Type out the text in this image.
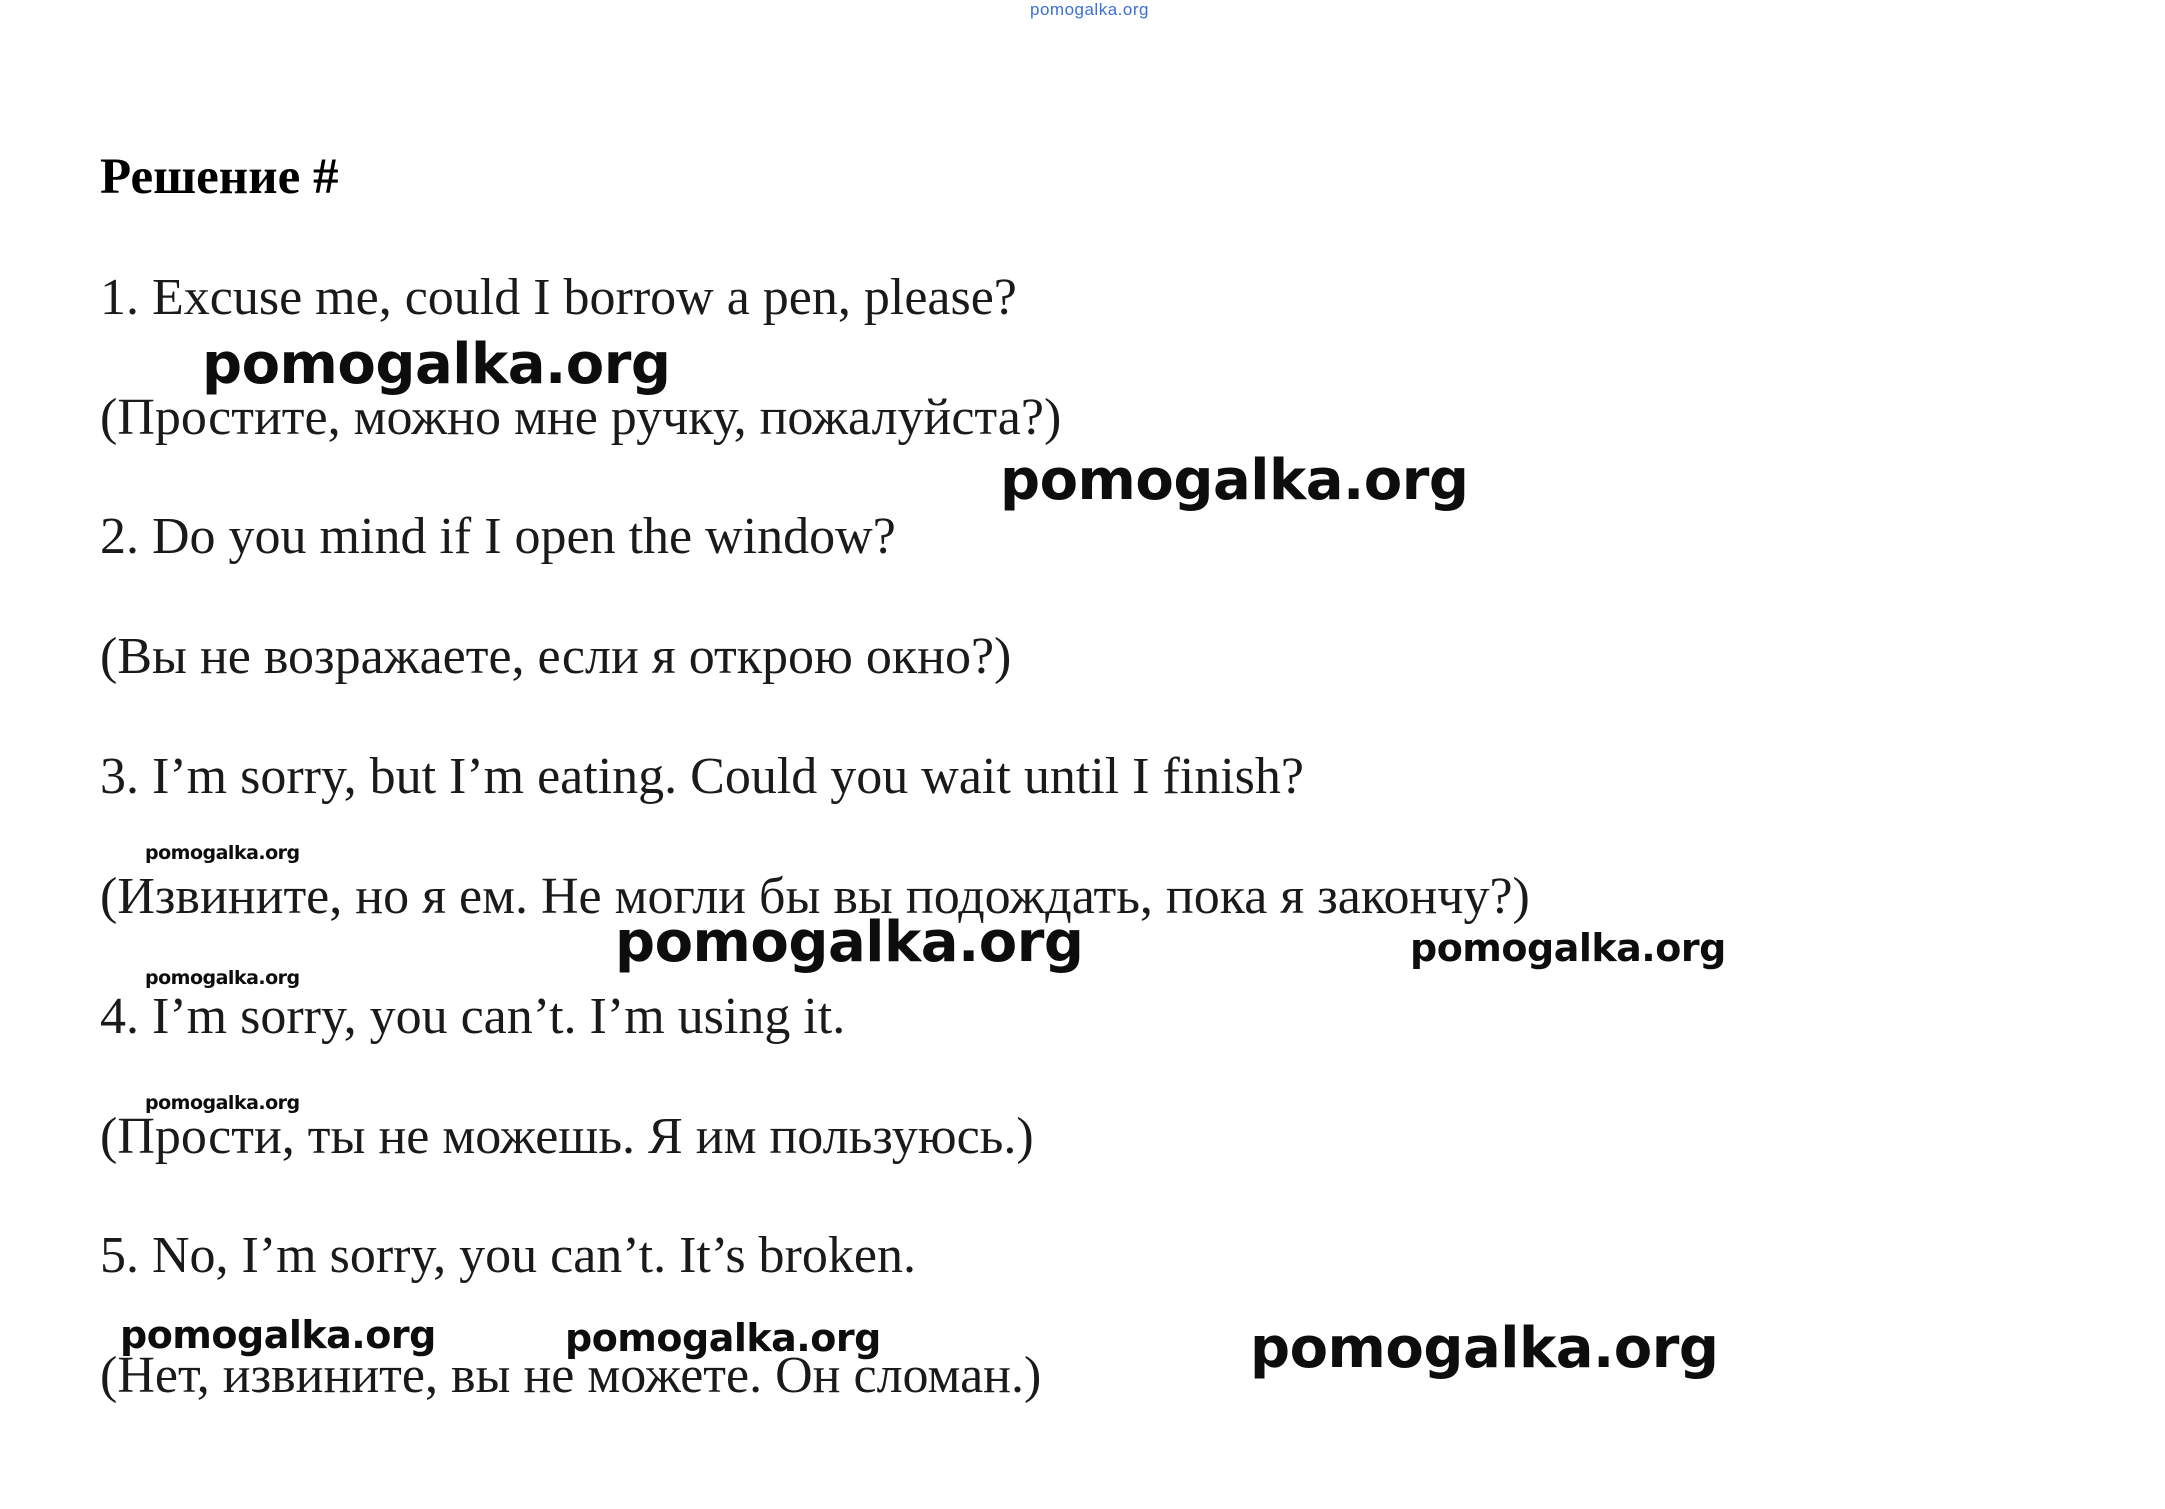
pomogalka.org
Решение #
1. Excuse me, could I borrow a pen, please?
(Простите, можно мне ручку, пожалуйста?)
2. Do you mind if I open the window?
(Вы не возражаете, если я открою окно?)
3. I’m sorry, but I’m eating. Could you wait until I finish?
(Извините, но я ем. Не могли бы вы подождать, пока я закончу?)
4. I’m sorry, you can’t. I’m using it.
(Прости, ты не можешь. Я им пользуюсь.)
5. No, I’m sorry, you can’t. It’s broken.
(Нет, извините, вы не можете. Он сломан.)
pomogalka.org
pomogalka.org
pomogalka.org
pomogalka.org	pomogalka.org
pomogalka.org
pomogalka.org
pomogalka.org	pomogalka.org	pomogalka.org
